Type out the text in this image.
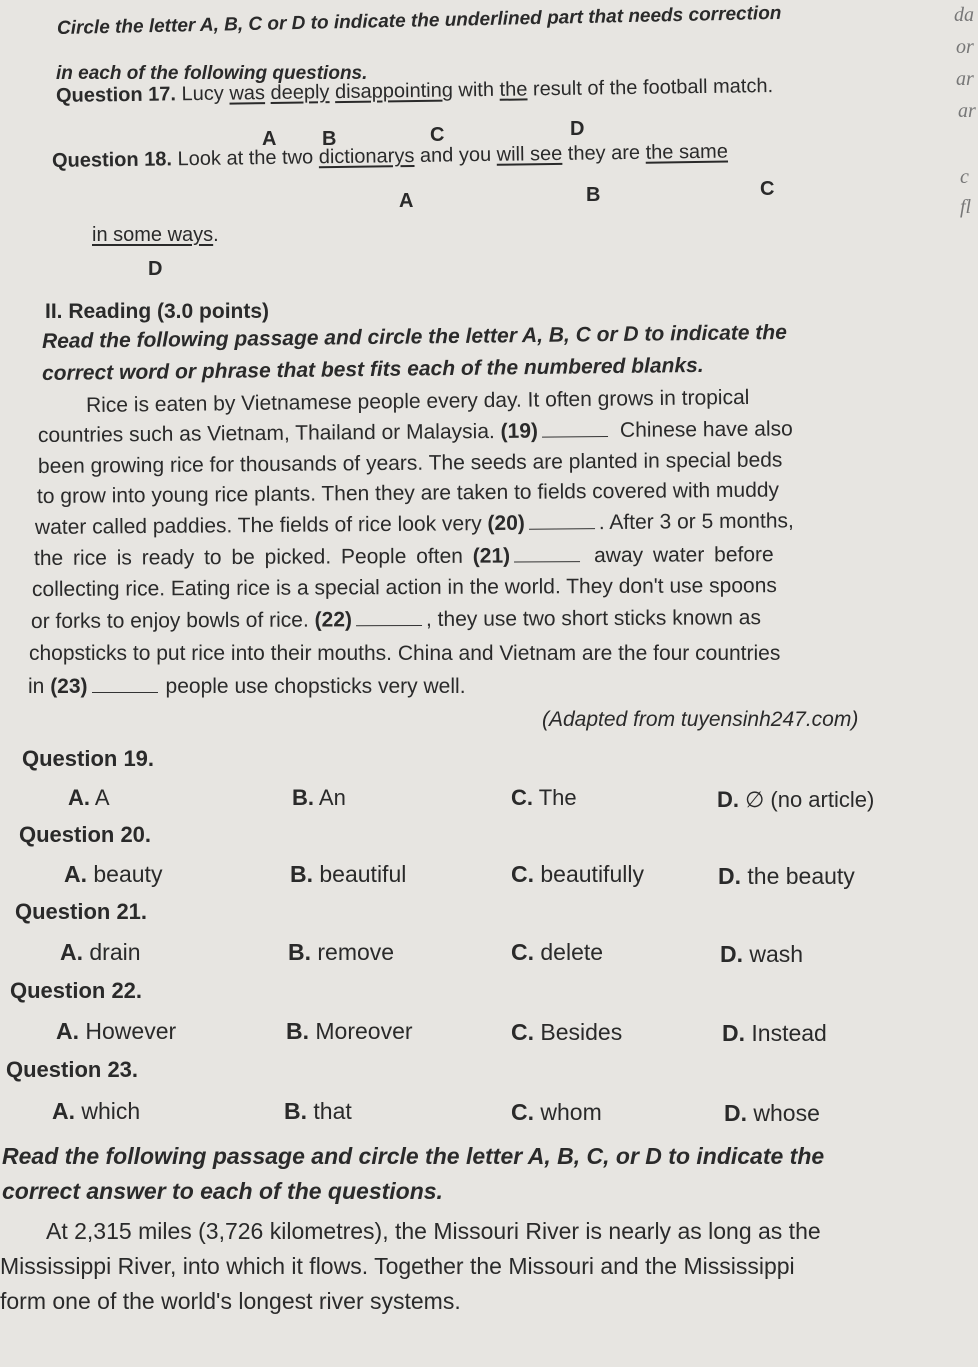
da
or
ar
ar
c
fl
Circle the letter A, B, C or D to indicate the underlined part that needs correction
in each of the following questions.
Question 17. Lucy was deeply disappointing with the result of the football match.
A B	C	D
Question 18. Look at the two dictionarys and you will see they are the same
A	B	C
in some ways.
D
II. Reading (3.0 points)
Read the following passage and circle the letter A, B, C or D to indicate the
correct word or phrase that best fits each of the numbered blanks.
Rice is eaten by Vietnamese people every day. It often grows in tropical
countries such as Vietnam, Thailand or Malaysia. (19)	Chinese have also
been growing rice for thousands of years. The seeds are planted in special beds
to grow into young rice plants. Then they are taken to fields covered with muddy
water called paddies. The fields of rice look very (20)	. After 3 or 5 months,
the rice is ready to be picked. People often (21)	away water before
collecting rice. Eating rice is a special action in the world. They don't use spoons
or forks to enjoy bowls of rice. (22)	, they use two short sticks known as
chopsticks to put rice into their mouths. China and Vietnam are the four countries
in (23)	people use chopsticks very well.
(Adapted from tuyensinh247.com)
Question 19.
A. A	B. An	C. The	D. ∅ (no article)
Question 20.
A. beauty	B. beautiful	C. beautifully	D. the beauty
Question 21.
A. drain	B. remove	C. delete	D. wash
Question 22.
A. However	B. Moreover	C. Besides	D. Instead
Question 23.
A. which	B. that	C. whom	D. whose
Read the following passage and circle the letter A, B, C, or D to indicate the
correct answer to each of the questions.
At 2,315 miles (3,726 kilometres), the Missouri River is nearly as long as the
Mississippi River, into which it flows. Together the Missouri and the Mississippi
form one of the world's longest river systems.
